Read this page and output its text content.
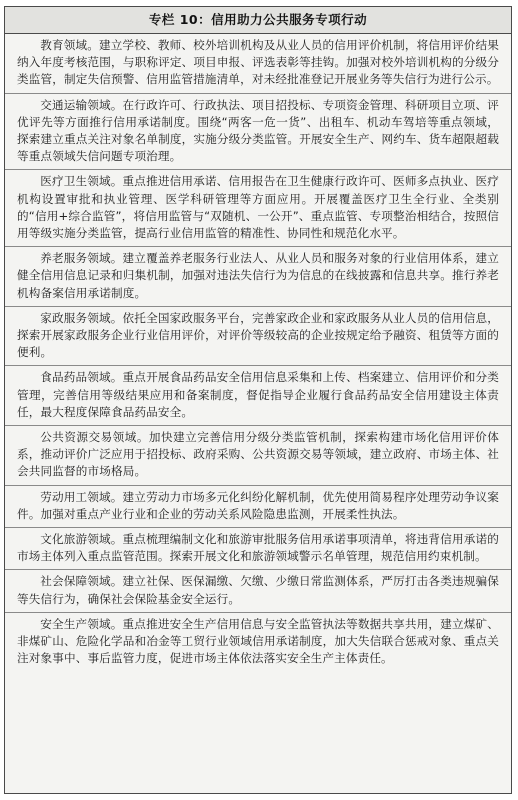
专栏 10：信用助力公共服务专项行动
教育领域。建立学校、教师、校外培训机构及从业人员的信用评价机制，将信用评价结果纳入年度考核范围，与职称评定、项目申报、评选表彰等挂钩。加强对校外培训机构的分级分类监管，制定失信预警、信用监管措施清单，对未经批准登记开展业务等失信行为进行公示。
交通运输领域。在行政许可、行政执法、项目招投标、专项资金管理、科研项目立项、评优评先等方面推行信用承诺制度。围绕“两客一危一货”、出租车、机动车驾培等重点领域，探索建立重点关注对象名单制度，实施分级分类监管。开展安全生产、网约车、货车超限超载等重点领域失信问题专项治理。
医疗卫生领域。重点推进信用承诺、信用报告在卫生健康行政许可、医师多点执业、医疗机构设置审批和执业管理、医学科研管理等方面应用。开展覆盖医疗卫生全行业、全类别的“信用+综合监管”，将信用监管与“双随机、一公开”、重点监管、专项整治相结合，按照信用等级实施分类监管，提高行业信用监管的精准性、协同性和规范化水平。
养老服务领域。建立覆盖养老服务行业法人、从业人员和服务对象的行业信用体系，建立健全信用信息记录和归集机制，加强对违法失信行为为信息的在线披露和信息共享。推行养老机构备案信用承诺制度。
家政服务领域。依托全国家政服务平台，完善家政企业和家政服务从业人员的信用信息，探索开展家政服务企业行业信用评价，对评价等级较高的企业按规定给予融资、租赁等方面的便利。
食品药品领域。重点开展食品药品安全信用信息采集和上传、档案建立、信用评价和分类管理，完善信用等级结果应用和备案制度，督促指导企业履行食品药品安全信用建设主体责任，最大程度保障食品药品安全。
公共资源交易领域。加快建立完善信用分级分类监管机制，探索构建市场化信用评价体系，推动评价广泛应用于招投标、政府采购、公共资源交易等领域，建立政府、市场主体、社会共同监督的市场格局。
劳动用工领域。建立劳动力市场多元化纠纷化解机制，优先使用简易程序处理劳动争议案件。加强对重点产业行业和企业的劳动关系风险隐患监测，开展柔性执法。
文化旅游领域。重点梳理编制文化和旅游审批服务信用承诺事项清单，将违背信用承诺的市场主体列入重点监管范围。探索开展文化和旅游领域警示名单管理，规范信用约束机制。
社会保障领域。建立社保、医保漏缴、欠缴、少缴日常监测体系，严厉打击各类违规骗保等失信行为，确保社会保险基金安全运行。
安全生产领域。重点推进安全生产信用信息与安全监管执法等数据共享共用，建立煤矿、非煤矿山、危险化学品和冶金等工贸行业领域信用承诺制度，加大失信联合惩戒对象、重点关注对象事中、事后监管力度，促进市场主体依法落实安全生产主体责任。
